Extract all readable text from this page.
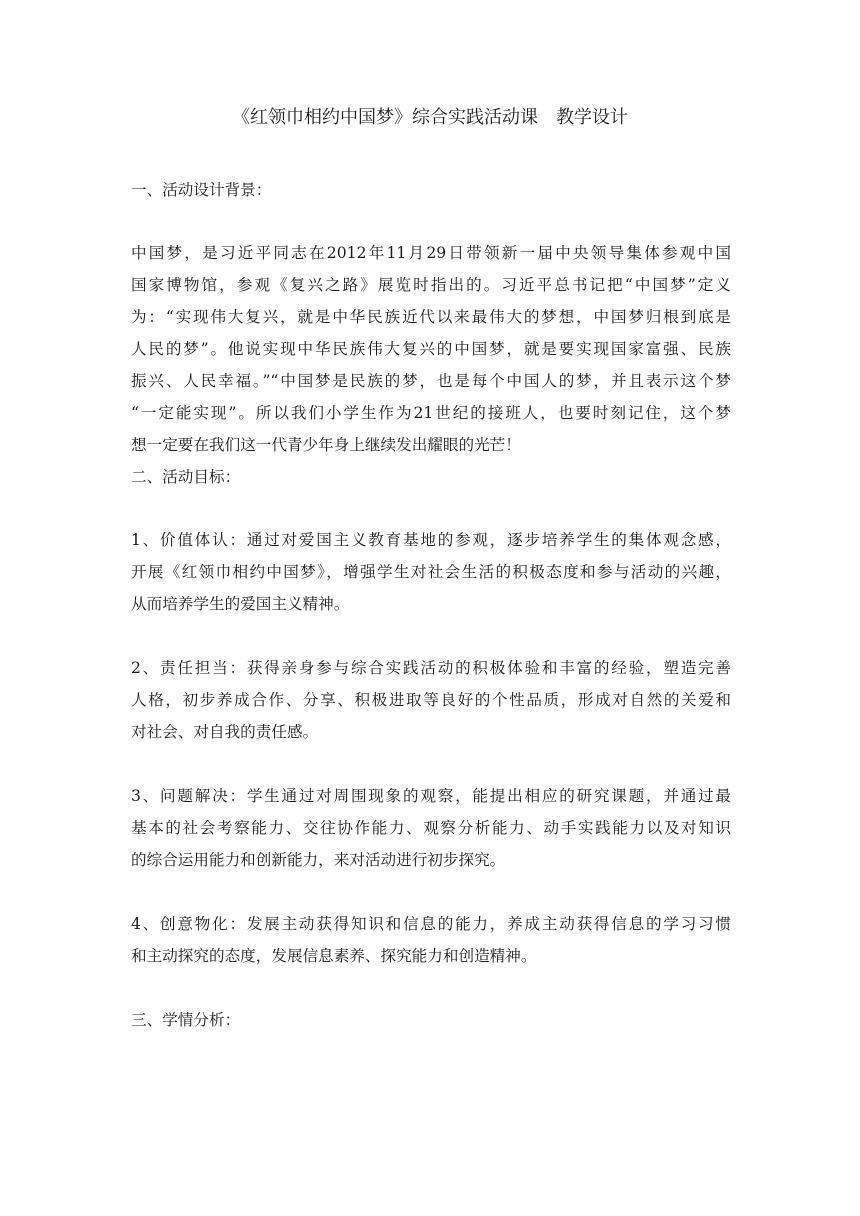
《红领巾相约中国梦》综合实践活动课　教学设计
一、活动设计背景：
中国梦，是习近平同志在2012年11月29日带领新一届中央领导集体参观中国
国家博物馆，参观《复兴之路》展览时指出的。习近平总书记把“中国梦”定义
为：“实现伟大复兴，就是中华民族近代以来最伟大的梦想，中国梦归根到底是
人民的梦”。他说实现中华民族伟大复兴的中国梦，就是要实现国家富强、民族
振兴、人民幸福。”“中国梦是民族的梦，也是每个中国人的梦，并且表示这个梦
“一定能实现”。所以我们小学生作为21世纪的接班人，也要时刻记住，这个梦
想一定要在我们这一代青少年身上继续发出耀眼的光芒！
二、活动目标：
1、价值体认：通过对爱国主义教育基地的参观，逐步培养学生的集体观念感，
开展《红领巾相约中国梦》，增强学生对社会生活的积极态度和参与活动的兴趣，
从而培养学生的爱国主义精神。
2、责任担当：获得亲身参与综合实践活动的积极体验和丰富的经验，塑造完善
人格，初步养成合作、分享、积极进取等良好的个性品质，形成对自然的关爱和
对社会、对自我的责任感。
3、问题解决：学生通过对周围现象的观察，能提出相应的研究课题，并通过最
基本的社会考察能力、交往协作能力、观察分析能力、动手实践能力以及对知识
的综合运用能力和创新能力，来对活动进行初步探究。
4、创意物化：发展主动获得知识和信息的能力，养成主动获得信息的学习习惯
和主动探究的态度，发展信息素养、探究能力和创造精神。
三、学情分析：
